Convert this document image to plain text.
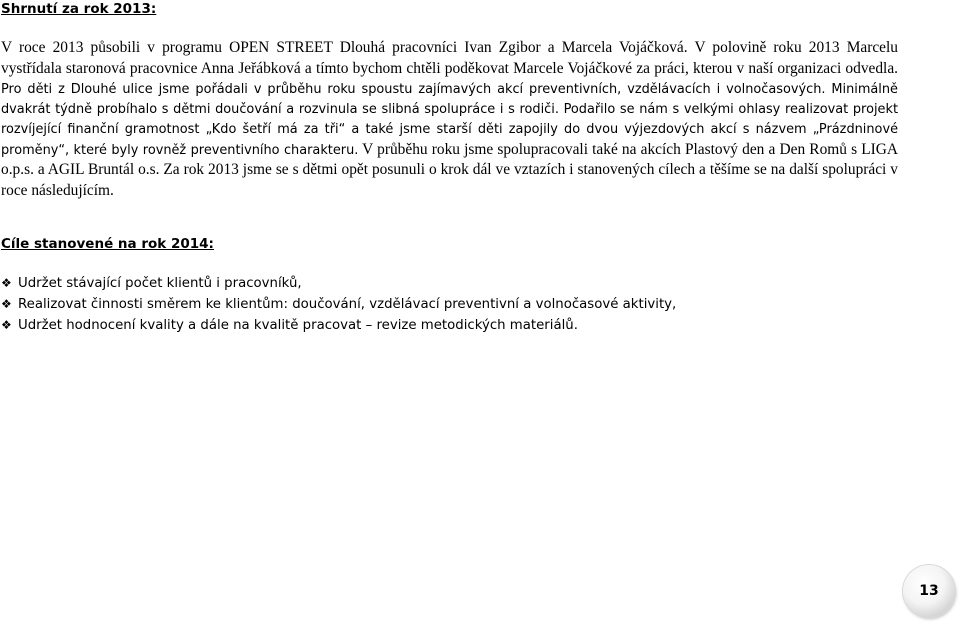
Shrnutí za rok 2013:

V roce 2013 působili v programu OPEN STREET Dlouhá pracovníci Ivan Zgibor a Marcela Vojáčková. V polovině roku 2013 Marcelu vystřídala staronová pracovnice Anna Jeřábková a tímto bychom chtěli poděkovat Marcele Vojáčkové za práci, kterou v naší organizaci odvedla. Pro děti z Dlouhé ulice jsme pořádali v průběhu roku spoustu zajímavých akcí preventivních, vzdělávacích i volnočasových. Minimálně dvakrát týdně probíhalo s dětmi doučování a rozvinula se slibná spolupráce i s rodiči. Podařilo se nám s velkými ohlasy realizovat projekt rozvíjející finanční gramotnost „Kdo šetří má za tři“ a také jsme starší děti zapojily do dvou výjezdových akcí s názvem „Prázdninové proměny“, které byly rovněž preventivního charakteru. V průběhu roku jsme spolupracovali také na akcích Plastový den a Den Romů s LIGA o.p.s. a AGIL Bruntál o.s. Za rok 2013 jsme se s dětmi opět posunuli o krok dál ve vztazích i stanovených cílech a těšíme se na další spolupráci v roce následujícím.

Cíle stanovené na rok 2014:
❖ Udržet stávající počet klientů i pracovníků,
❖ Realizovat činnosti směrem ke klientům: doučování, vzdělávací preventivní a volnočasové aktivity,
❖ Udržet hodnocení kvality a dále na kvalitě pracovat – revize metodických materiálů.
13
